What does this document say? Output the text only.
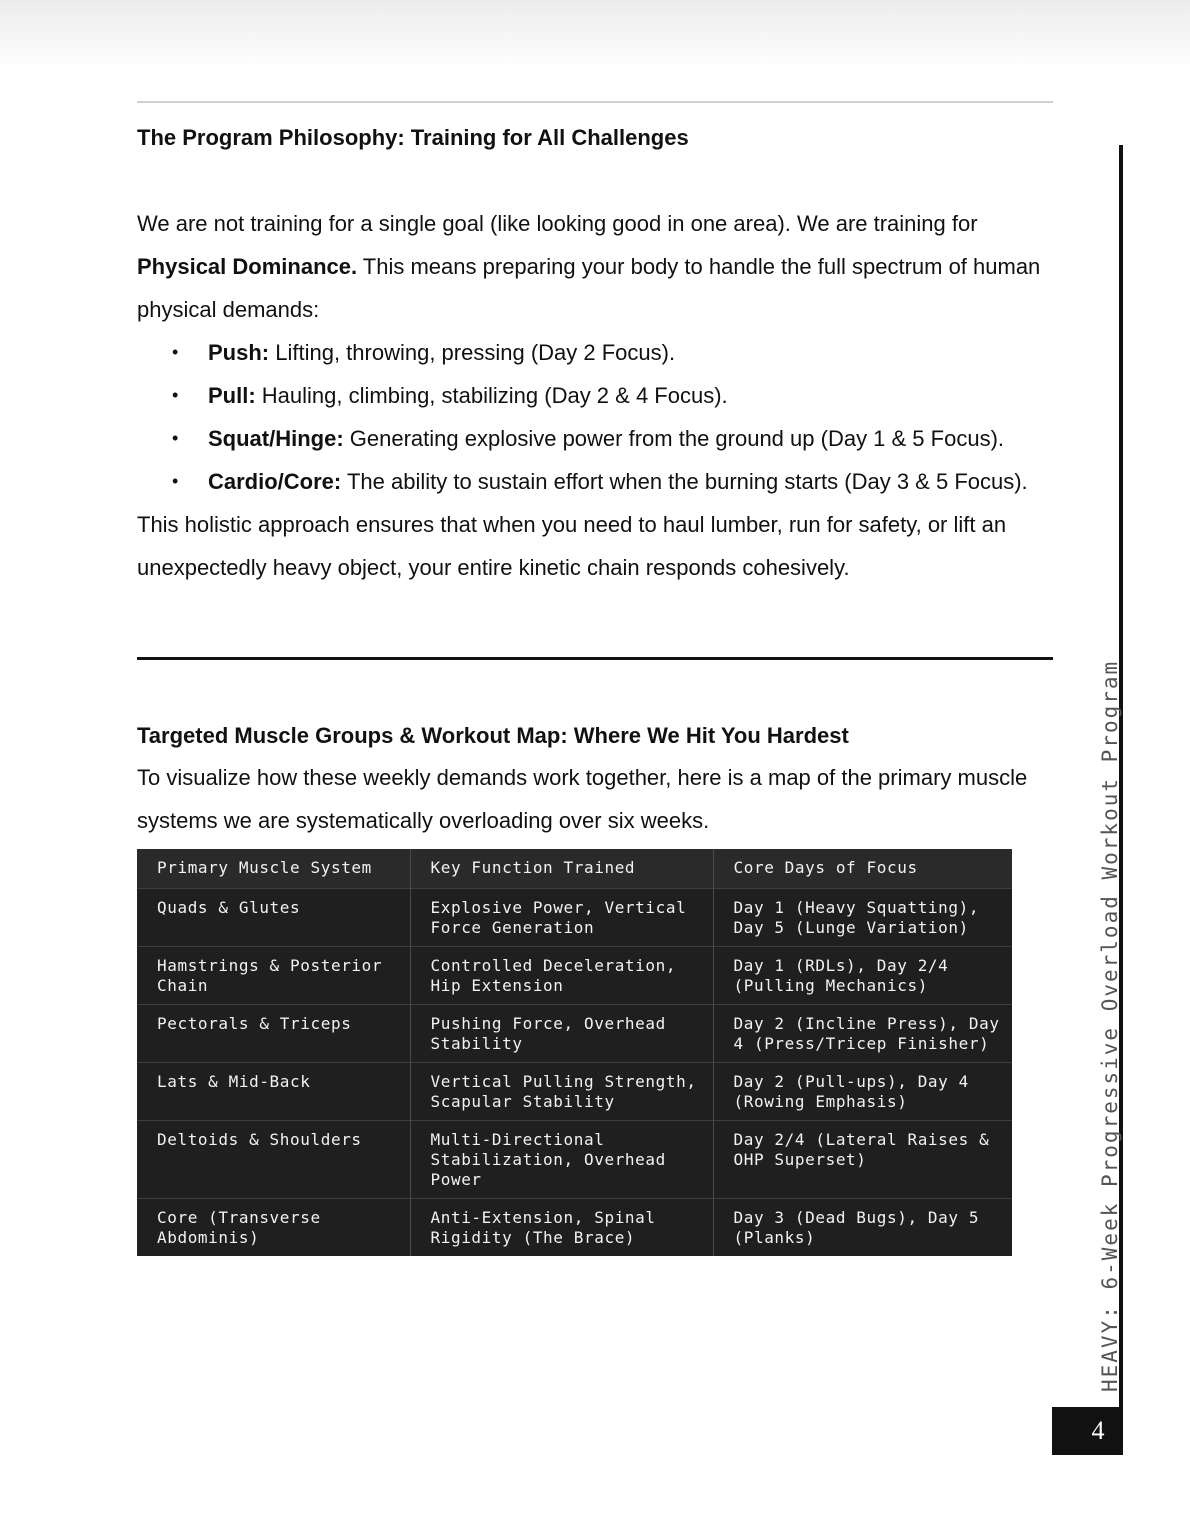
The Program Philosophy: Training for All Challenges

We are not training for a single goal (like looking good in one area). We are training for Physical Dominance. This means preparing your body to handle the full spectrum of human physical demands:

• Push: Lifting, throwing, pressing (Day 2 Focus).
• Pull: Hauling, climbing, stabilizing (Day 2 & 4 Focus).
• Squat/Hinge: Generating explosive power from the ground up (Day 1 & 5 Focus).
• Cardio/Core: The ability to sustain effort when the burning starts (Day 3 & 5 Focus).

This holistic approach ensures that when you need to haul lumber, run for safety, or lift an unexpectedly heavy object, your entire kinetic chain responds cohesively.

Targeted Muscle Groups & Workout Map: Where We Hit You Hardest

To visualize how these weekly demands work together, here is a map of the primary muscle systems we are systematically overloading over six weeks.

Primary Muscle System	Key Function Trained	Core Days of Focus
Quads & Glutes	Explosive Power, Vertical Force Generation	Day 1 (Heavy Squatting), Day 5 (Lunge Variation)
Hamstrings & Posterior Chain	Controlled Deceleration, Hip Extension	Day 1 (RDLs), Day 2/4 (Pulling Mechanics)
Pectorals & Triceps	Pushing Force, Overhead Stability	Day 2 (Incline Press), Day 4 (Press/Tricep Finisher)
Lats & Mid-Back	Vertical Pulling Strength, Scapular Stability	Day 2 (Pull-ups), Day 4 (Rowing Emphasis)
Deltoids & Shoulders	Multi-Directional Stabilization, Overhead Power	Day 2/4 (Lateral Raises & OHP Superset)
Core (Transverse Abdominis)	Anti-Extension, Spinal Rigidity (The Brace)	Day 3 (Dead Bugs), Day 5 (Planks)	HEAVY: 6-Week Progressive Overload Workout Program
4
